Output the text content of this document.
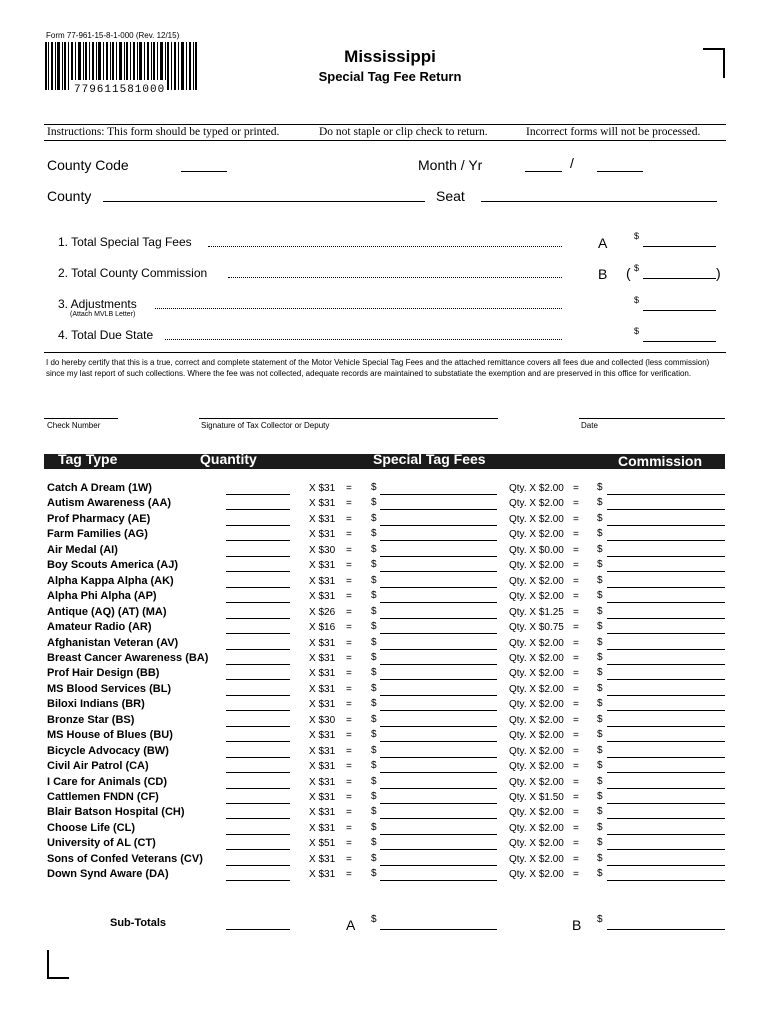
Form 77-961-15-8-1-000 (Rev. 12/15)
779611581000
Mississippi
Special Tag Fee Return
Instructions: This form should be typed or printed.	Do not staple or clip check to return.	Incorrect forms will not be processed.
County Code	Month / Yr	/
County	Seat
1. Total Special Tag Fees	A	$
2. Total County Commission	B ( $	)
3. Adjustments
(Attach MVLB Letter)
$
4. Total Due State	$
I do hereby certify that this is a true, correct and complete statement of the Motor Vehicle Special Tag Fees and the attached remittance covers all fees due and collected (less commission) since my last report of such collections. Where the fee was not collected, adequate records are maintained to substatiate the exemption and are preserved in this office for verification.
Check Number	Signature of Tax Collector or Deputy	Date
Tag Type	Quantity	Special Tag Fees	Commission
Catch A Dream (1W)	X $31 = $	Qty. X $2.00 = $
Autism Awareness (AA)	X $31 = $	Qty. X $2.00 = $
Prof Pharmacy (AE)	X $31 = $	Qty. X $2.00 = $
Farm Families (AG)	X $31 = $	Qty. X $2.00 = $
Air Medal (AI)	X $30 = $	Qty. X $0.00 = $
Boy Scouts America (AJ)	X $31 = $	Qty. X $2.00 = $
Alpha Kappa Alpha (AK)	X $31 = $	Qty. X $2.00 = $
Alpha Phi Alpha (AP)	X $31 = $	Qty. X $2.00 = $
Antique (AQ) (AT) (MA)	X $26 = $	Qty. X $1.25 = $
Amateur Radio (AR)	X $16 = $	Qty. X $0.75 = $
Afghanistan Veteran (AV)	X $31 = $	Qty. X $2.00 = $
Breast Cancer Awareness (BA)	X $31 = $	Qty. X $2.00 = $
Prof Hair Design (BB)	X $31 = $	Qty. X $2.00 = $
MS Blood Services (BL)	X $31 = $	Qty. X $2.00 = $
Biloxi Indians (BR)	X $31 = $	Qty. X $2.00 = $
Bronze Star (BS)	X $30 = $	Qty. X $2.00 = $
MS House of Blues (BU)	X $31 = $	Qty. X $2.00 = $
Bicycle Advocacy (BW)	X $31 = $	Qty. X $2.00 = $
Civil Air Patrol (CA)	X $31 = $	Qty. X $2.00 = $
I Care for Animals (CD)	X $31 = $	Qty. X $2.00 = $
Cattlemen FNDN (CF)	X $31 = $	Qty. X $1.50 = $
Blair Batson Hospital (CH)	X $31 = $	Qty. X $2.00 = $
Choose Life (CL)	X $31 = $	Qty. X $2.00 = $
University of AL (CT)	X $51 = $	Qty. X $2.00 = $
Sons of Confed Veterans (CV)	X $31 = $	Qty. X $2.00 = $
Down Synd Aware (DA)	X $31 = $	Qty. X $2.00 = $
Sub-Totals	A $	B $
